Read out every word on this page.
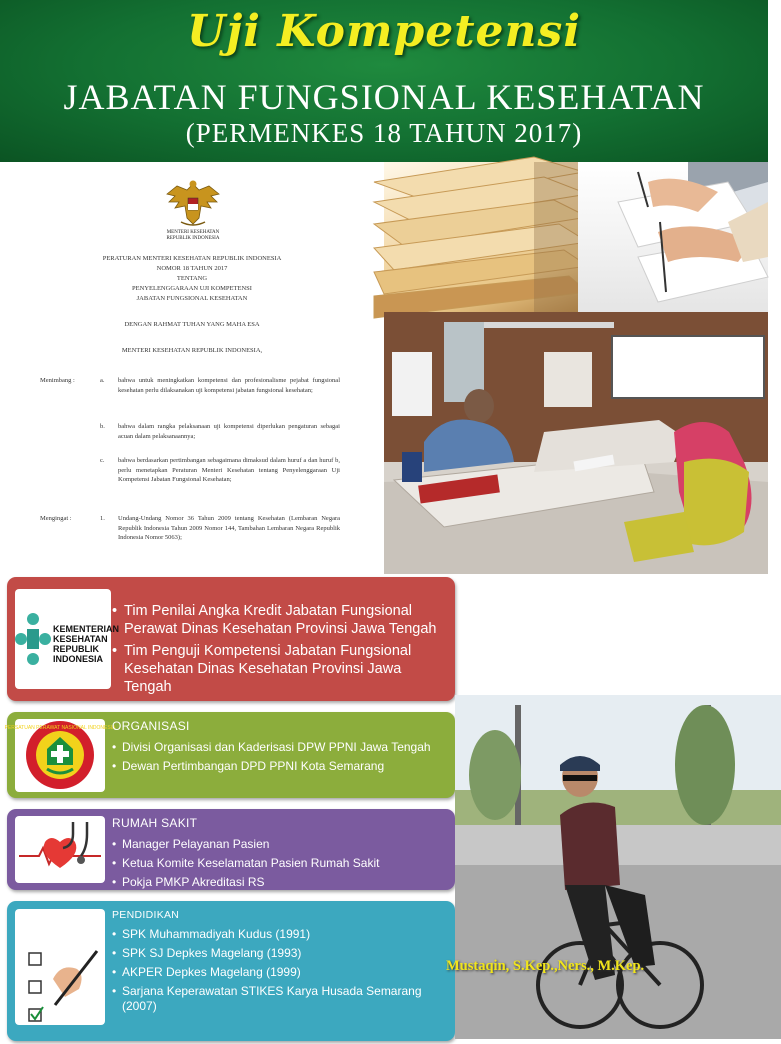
Uji Kompetensi
JABATAN FUNGSIONAL KESEHATAN
(PERMENKES 18 TAHUN 2017)
MENTERI KESEHATAN
REPUBLIK INDONESIA
PERATURAN MENTERI KESEHATAN REPUBLIK INDONESIA
NOMOR 18 TAHUN 2017
TENTANG
PENYELENGGARAAN UJI KOMPETENSI
JABATAN FUNGSIONAL KESEHATAN
DENGAN RAHMAT TUHAN YANG MAHA ESA
MENTERI KESEHATAN REPUBLIK INDONESIA,
Menimbang :	a. bahwa untuk meningkatkan kompetensi dan profesionalisme pejabat fungsional kesehatan perlu dilaksanakan uji kompetensi jabatan fungsional kesehatan;
b. bahwa dalam rangka pelaksanaan uji kompetensi diperlukan pengaturan sebagai acuan dalam pelaksanaannya;
c. bahwa berdasarkan pertimbangan sebagaimana dimaksud dalam huruf a dan huruf b, perlu menetapkan Peraturan Menteri Kesehatan tentang Penyelenggaraan Uji Kompetensi Jabatan Fungsional Kesehatan;
Mengingat :	1. Undang-Undang Nomor 36 Tahun 2009 tentang Kesehatan (Lembaran Negara Republik Indonesia Tahun 2009 Nomor 144, Tambahan Lembaran Negara Republik Indonesia Nomor 5063);
KEMENTERIAN
KESEHATAN
REPUBLIK
INDONESIA
• Tim Penilai Angka Kredit Jabatan Fungsional Perawat Dinas Kesehatan Provinsi Jawa Tengah
• Tim Penguji Kompetensi Jabatan Fungsional Kesehatan Dinas Kesehatan Provinsi Jawa Tengah
PERSATUAN PERAWAT NASIONAL INDONESIA
ORGANISASI
• Divisi Organisasi dan Kaderisasi DPW PPNI Jawa Tengah
• Dewan Pertimbangan DPD PPNI Kota Semarang
RUMAH SAKIT
• Manager Pelayanan Pasien
• Ketua Komite Keselamatan Pasien Rumah Sakit
• Pokja PMKP Akreditasi RS
PENDIDIKAN
• SPK Muhammadiyah Kudus (1991)
• SPK SJ Depkes Magelang (1993)
• AKPER Depkes Magelang (1999)
• Sarjana Keperawatan STIKES Karya Husada Semarang (2007)
Mustaqin, S.Kep.,Ners., M.Kep.
